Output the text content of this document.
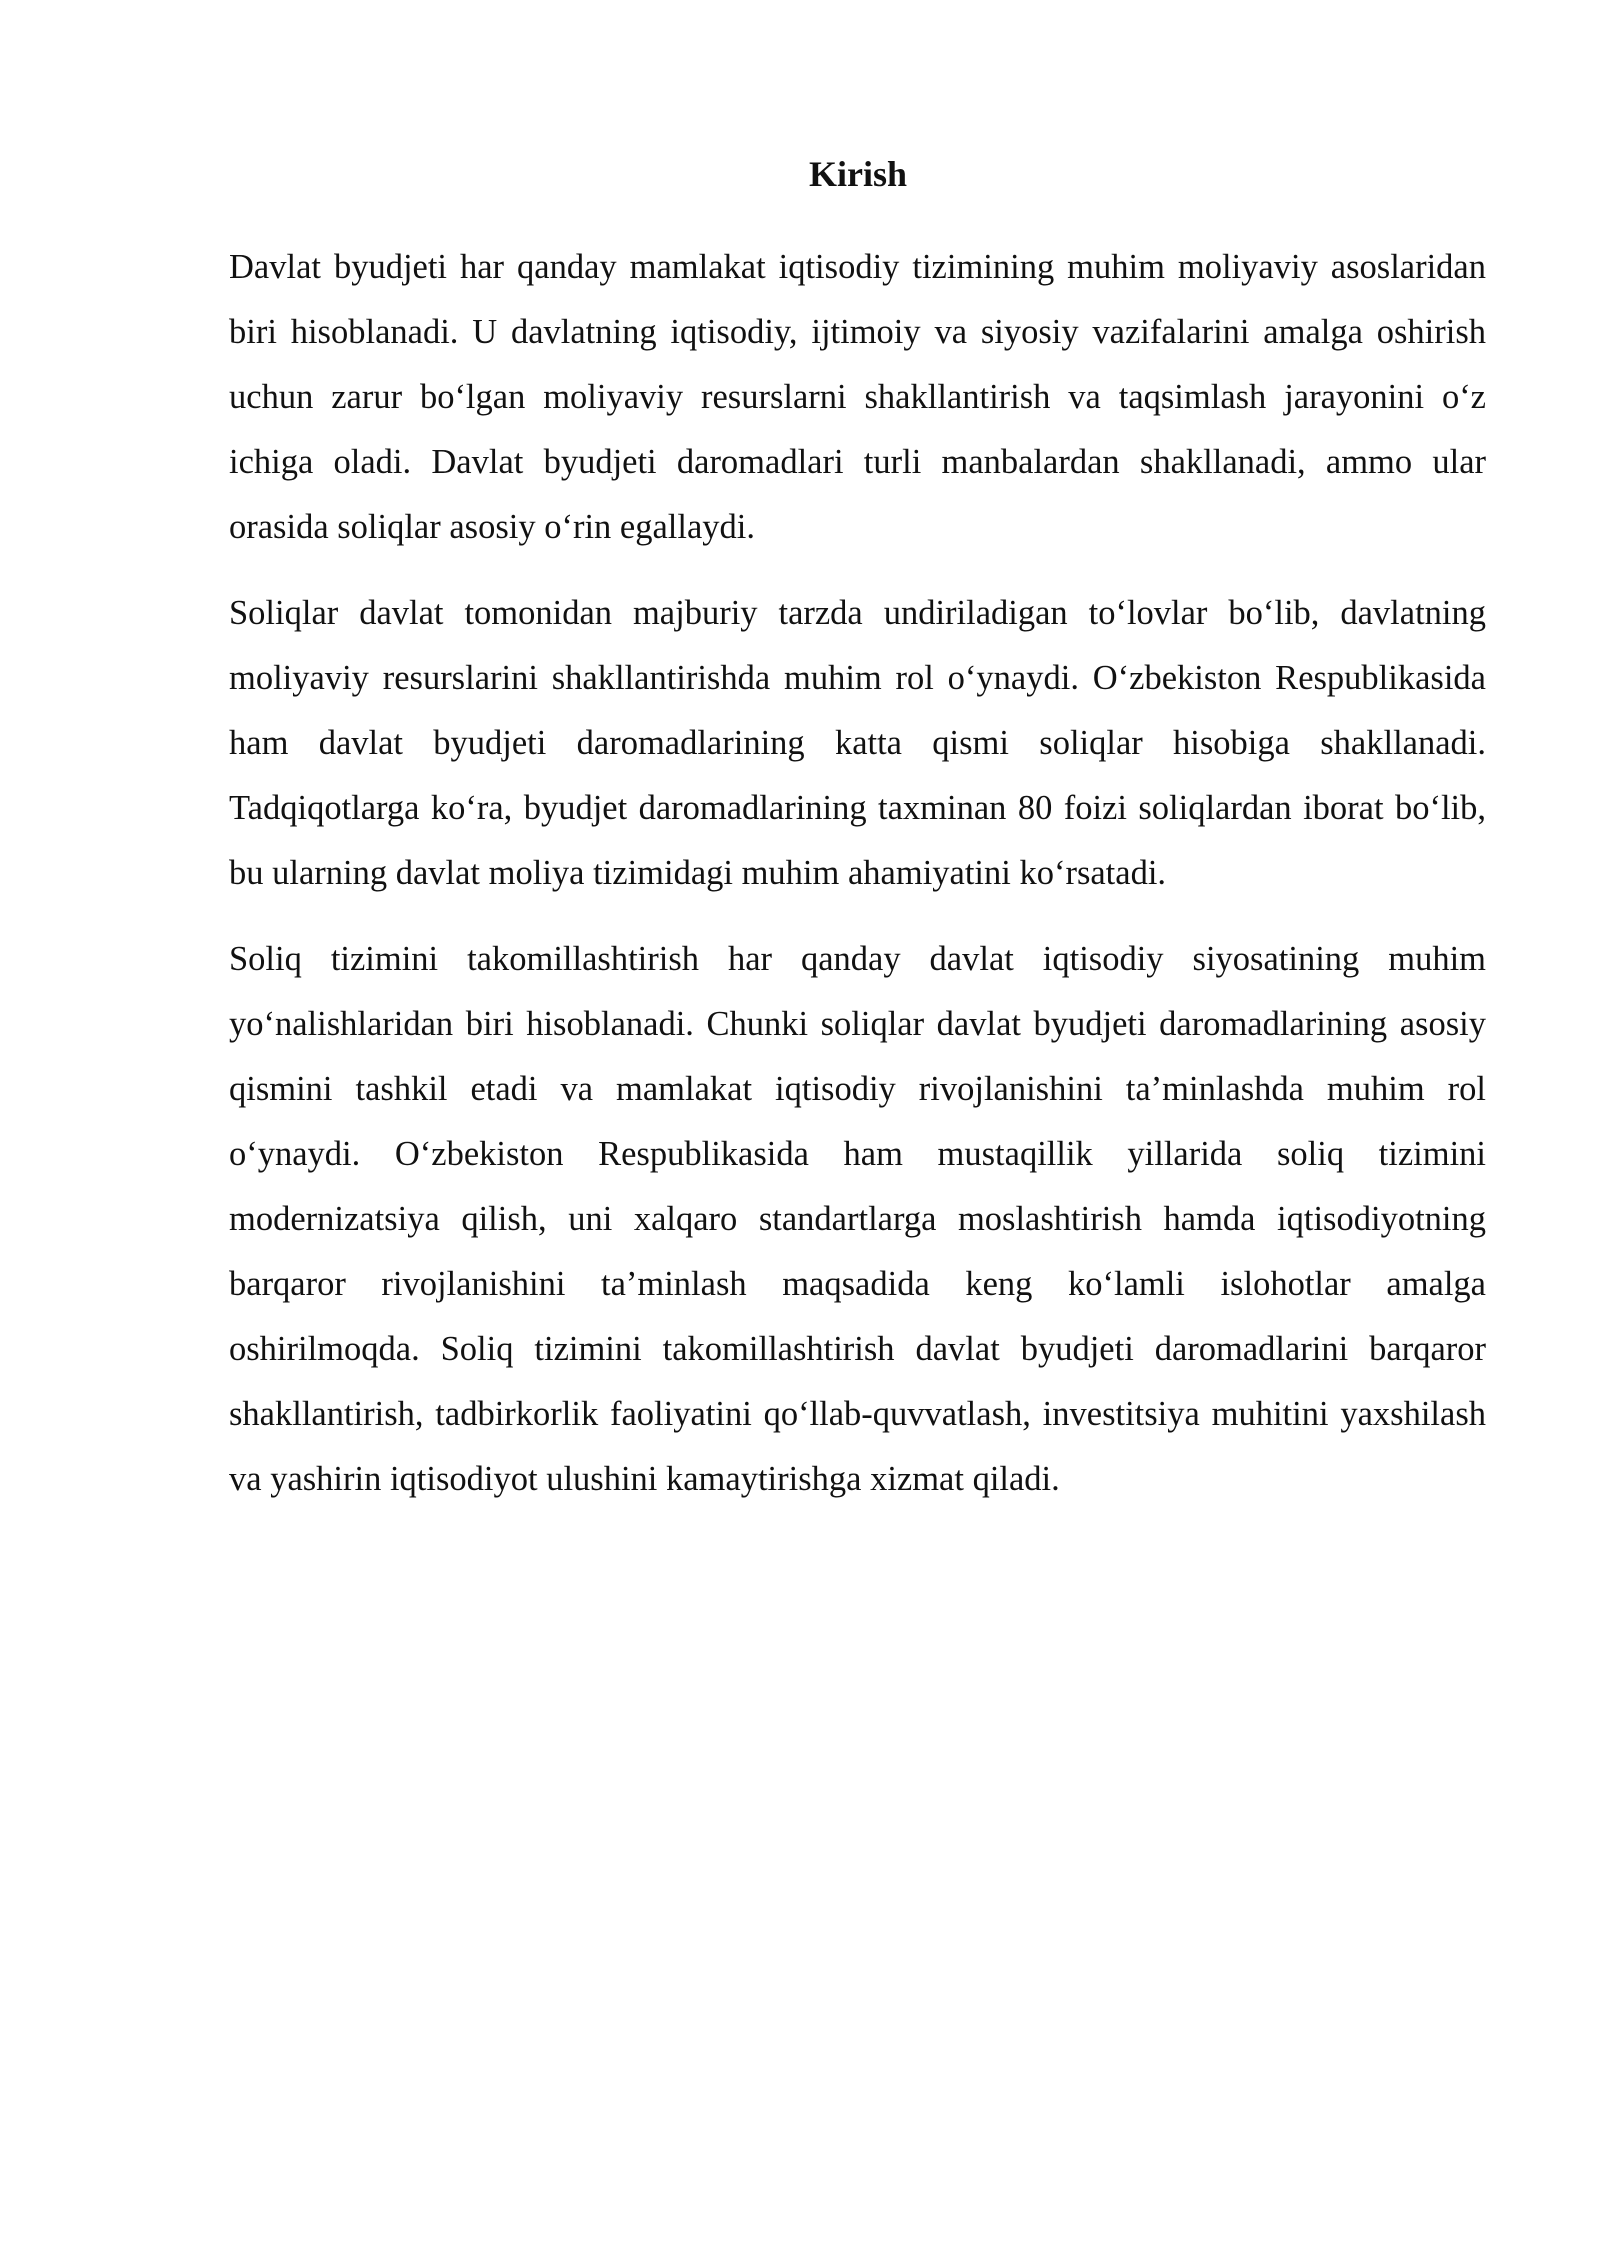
Kirish

Davlat byudjeti har qanday mamlakat iqtisodiy tizimining muhim moliyaviy asoslaridan biri hisoblanadi. U davlatning iqtisodiy, ijtimoiy va siyosiy vazifalarini amalga oshirish uchun zarur bo‘lgan moliyaviy resurslarni shakllantirish va taqsimlash jarayonini o‘z ichiga oladi. Davlat byudjeti daromadlari turli manbalardan shakllanadi, ammo ular orasida soliqlar asosiy o‘rin egallaydi.

Soliqlar davlat tomonidan majburiy tarzda undiriladigan to‘lovlar bo‘lib, davlatning moliyaviy resurslarini shakllantirishda muhim rol o‘ynaydi. O‘zbekiston Respublikasida ham davlat byudjeti daromadlarining katta qismi soliqlar hisobiga shakllanadi. Tadqiqotlarga ko‘ra, byudjet daromadlarining taxminan 80 foizi soliqlardan iborat bo‘lib, bu ularning davlat moliya tizimidagi muhim ahamiyatini ko‘rsatadi.

Soliq tizimini takomillashtirish har qanday davlat iqtisodiy siyosatining muhim yo‘nalishlaridan biri hisoblanadi. Chunki soliqlar davlat byudjeti daromadlarining asosiy qismini tashkil etadi va mamlakat iqtisodiy rivojlanishini ta’minlashda muhim rol o‘ynaydi. O‘zbekiston Respublikasida ham mustaqillik yillarida soliq tizimini modernizatsiya qilish, uni xalqaro standartlarga moslashtirish hamda iqtisodiyotning barqaror rivojlanishini ta’minlash maqsadida keng ko‘lamli islohotlar amalga oshirilmoqda. Soliq tizimini takomillashtirish davlat byudjeti daromadlarini barqaror shakllantirish, tadbirkorlik faoliyatini qo‘llab-quvvatlash, investitsiya muhitini yaxshilash va yashirin iqtisodiyot ulushini kamaytirishga xizmat qiladi.
